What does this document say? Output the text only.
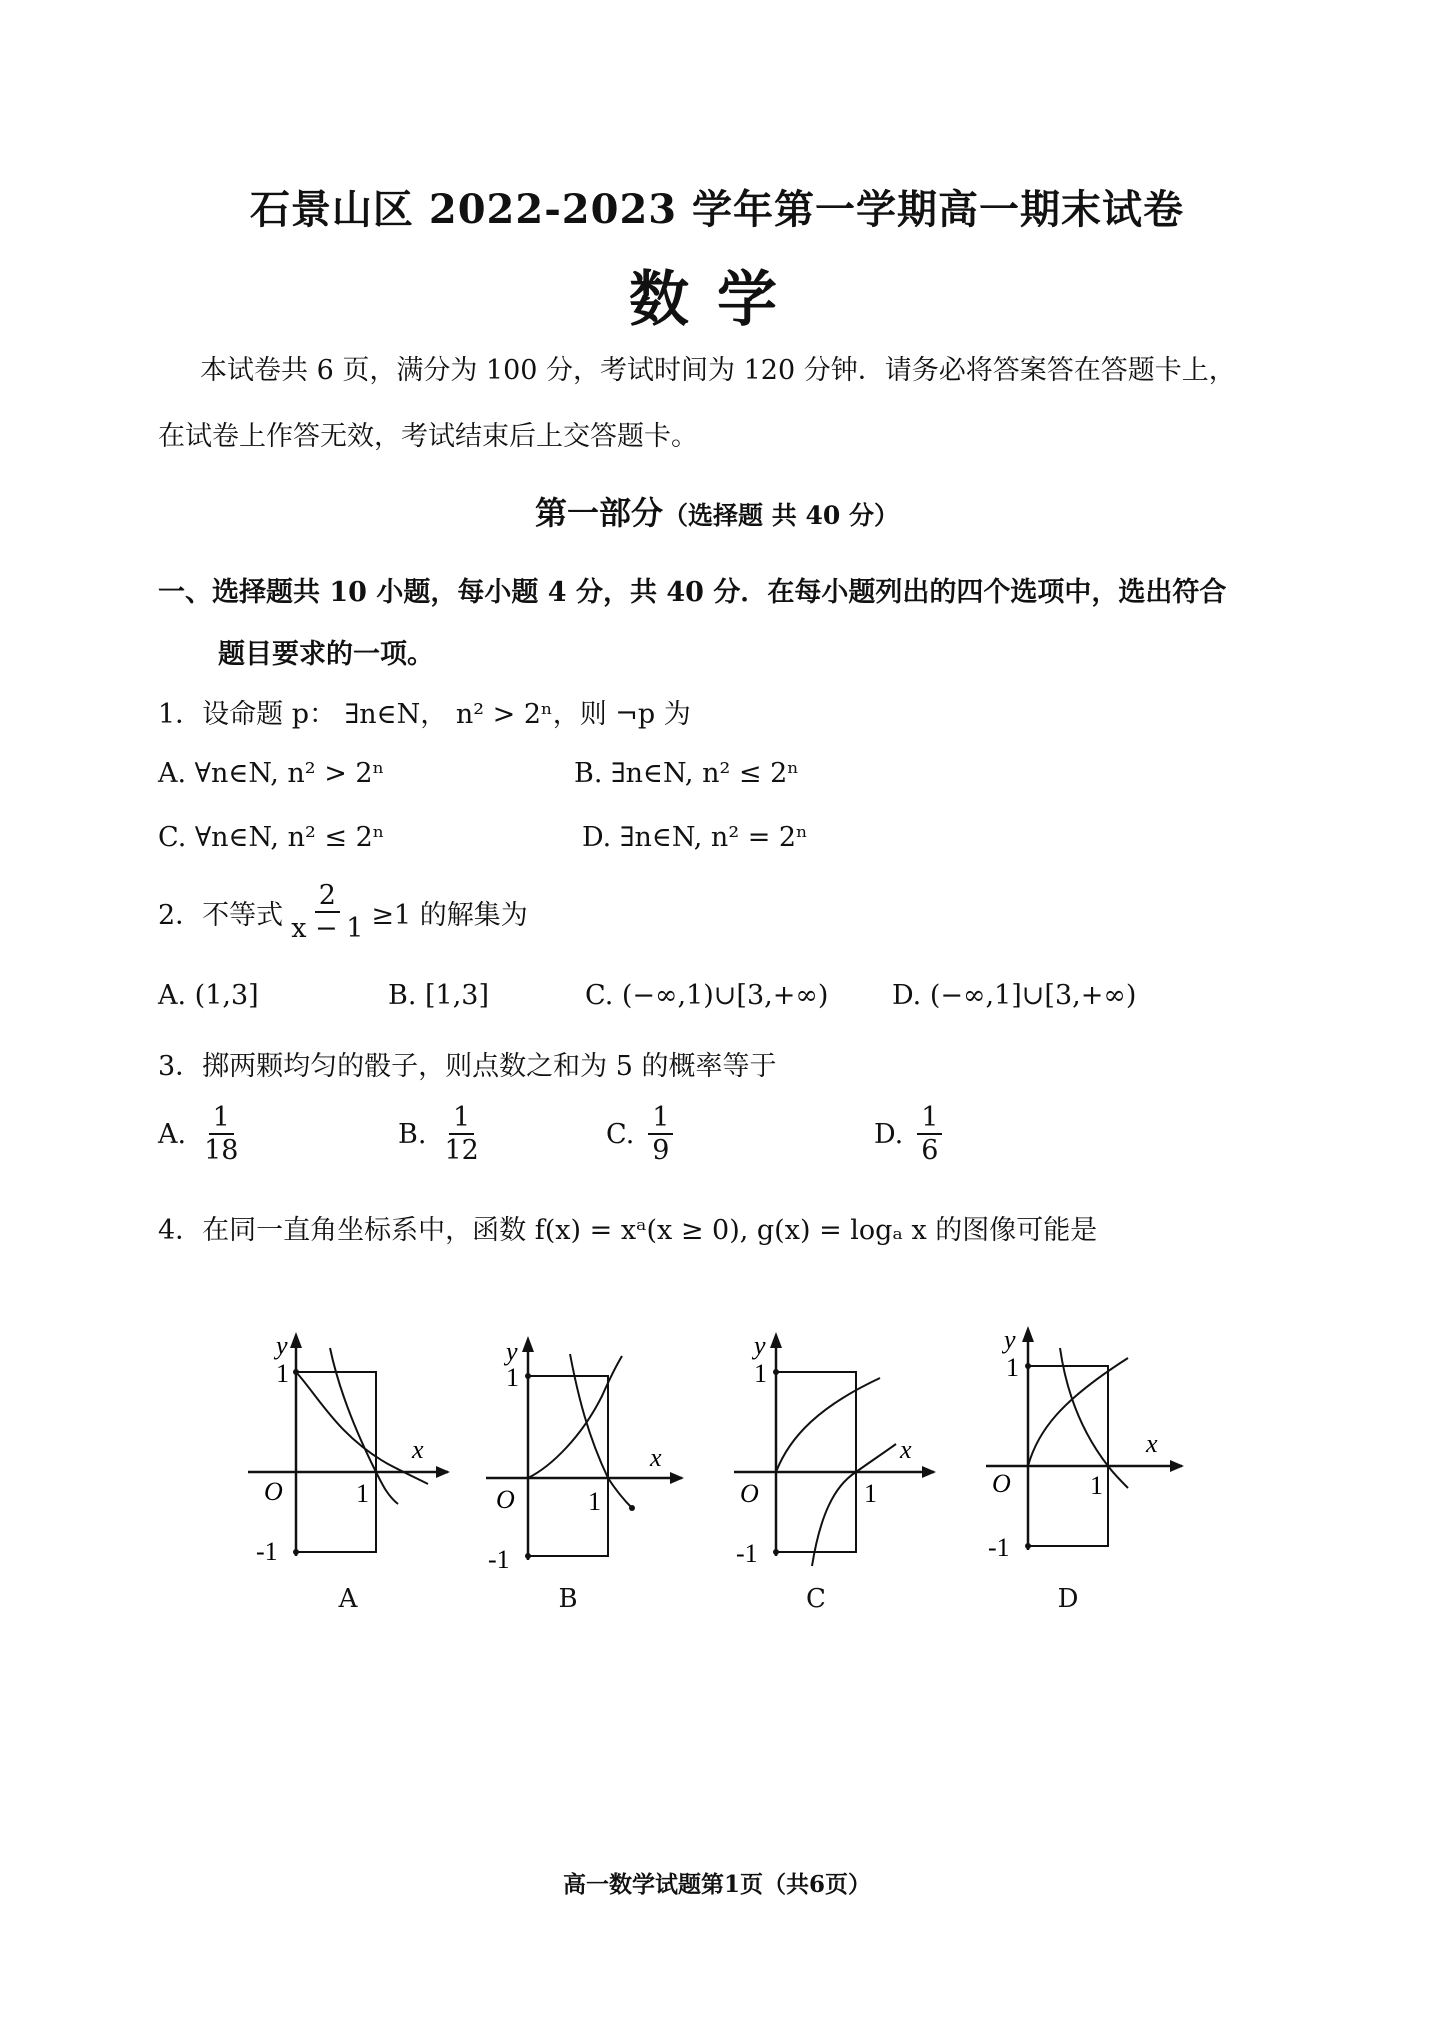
石景山区 2022-2023 学年第一学期高一期末试卷
数学
本试卷共 6 页，满分为 100 分，考试时间为 120 分钟．请务必将答案答在答题卡上，
在试卷上作答无效，考试结束后上交答题卡。
第一部分（选择题 共 40 分）
一、选择题共 10 小题，每小题 4 分，共 40 分．在每小题列出的四个选项中，选出符合
题目要求的一项。
1．设命题 p： ∃n∈N， n² > 2ⁿ，则 ¬p 为
A. ∀n∈N, n² > 2ⁿ	B. ∃n∈N, n² ≤ 2ⁿ
C. ∀n∈N, n² ≤ 2ⁿ	D. ∃n∈N, n² = 2ⁿ
2．不等式 $\frac{2}{x - 1} \ge 1$ 的解集为
A. (1,3]	B. [1,3]	C. (−∞,1)∪[3,+∞) D. (−∞,1]∪[3,+∞)
3．掷两颗均匀的骰子，则点数之和为 5 的概率等于
A. $\frac{1}{18}$	B. $\frac{1}{12}$	C. $\frac{1}{9}$	D. $\frac{1}{6}$
4．在同一直角坐标系中，函数 f(x) = xᵃ(x ≥ 0), g(x) = logₐ x 的图像可能是
y
x
O
1
1
-1
A
y
x
O
1
1
-1
B
y
x
O
1
1
-1
C
y
x
O
1
1
-1
D
高一数学试题第1页（共6页）
